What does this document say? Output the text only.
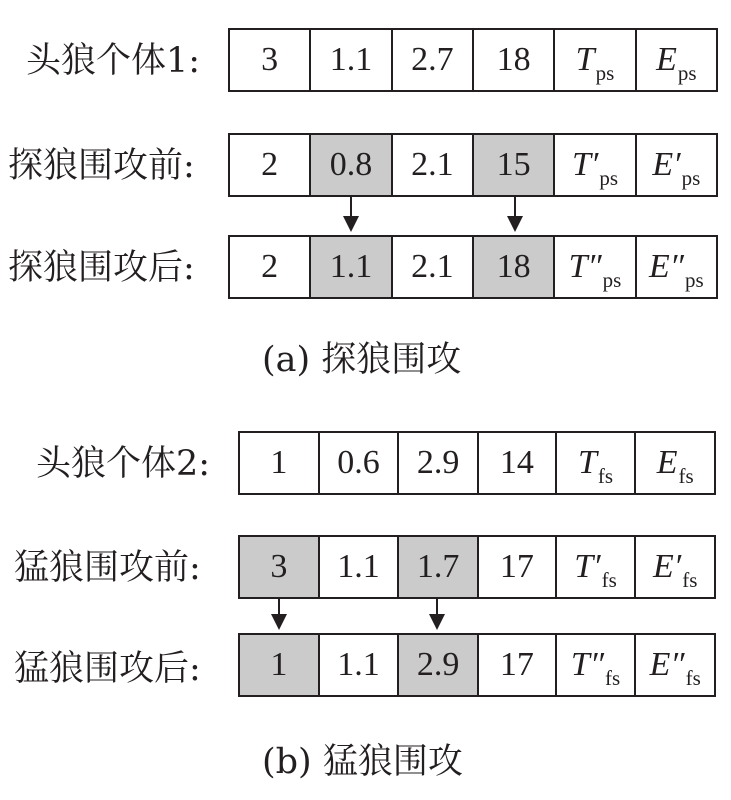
头狼个体1:	3	1.1	2.7	18	$T_{ps}$ $E_{ps}$
探狼围攻前:	2	0.8	2.1	15	$T'_{ps}$ $E'_{ps}$
探狼围攻后:	2	1.1	2.1	18	$T''_{ps}$ $E''_{ps}$
(a) 探狼围攻
头狼个体2:	1	0.6	2.9	14	$T_{fs}$ $E_{fs}$
猛狼围攻前:	3	1.1	1.7	17	$T'_{fs}$ $E'_{fs}$
猛狼围攻后:	1	1.1	2.9	17	$T''_{fs}$ $E''_{fs}$
(b) 猛狼围攻
